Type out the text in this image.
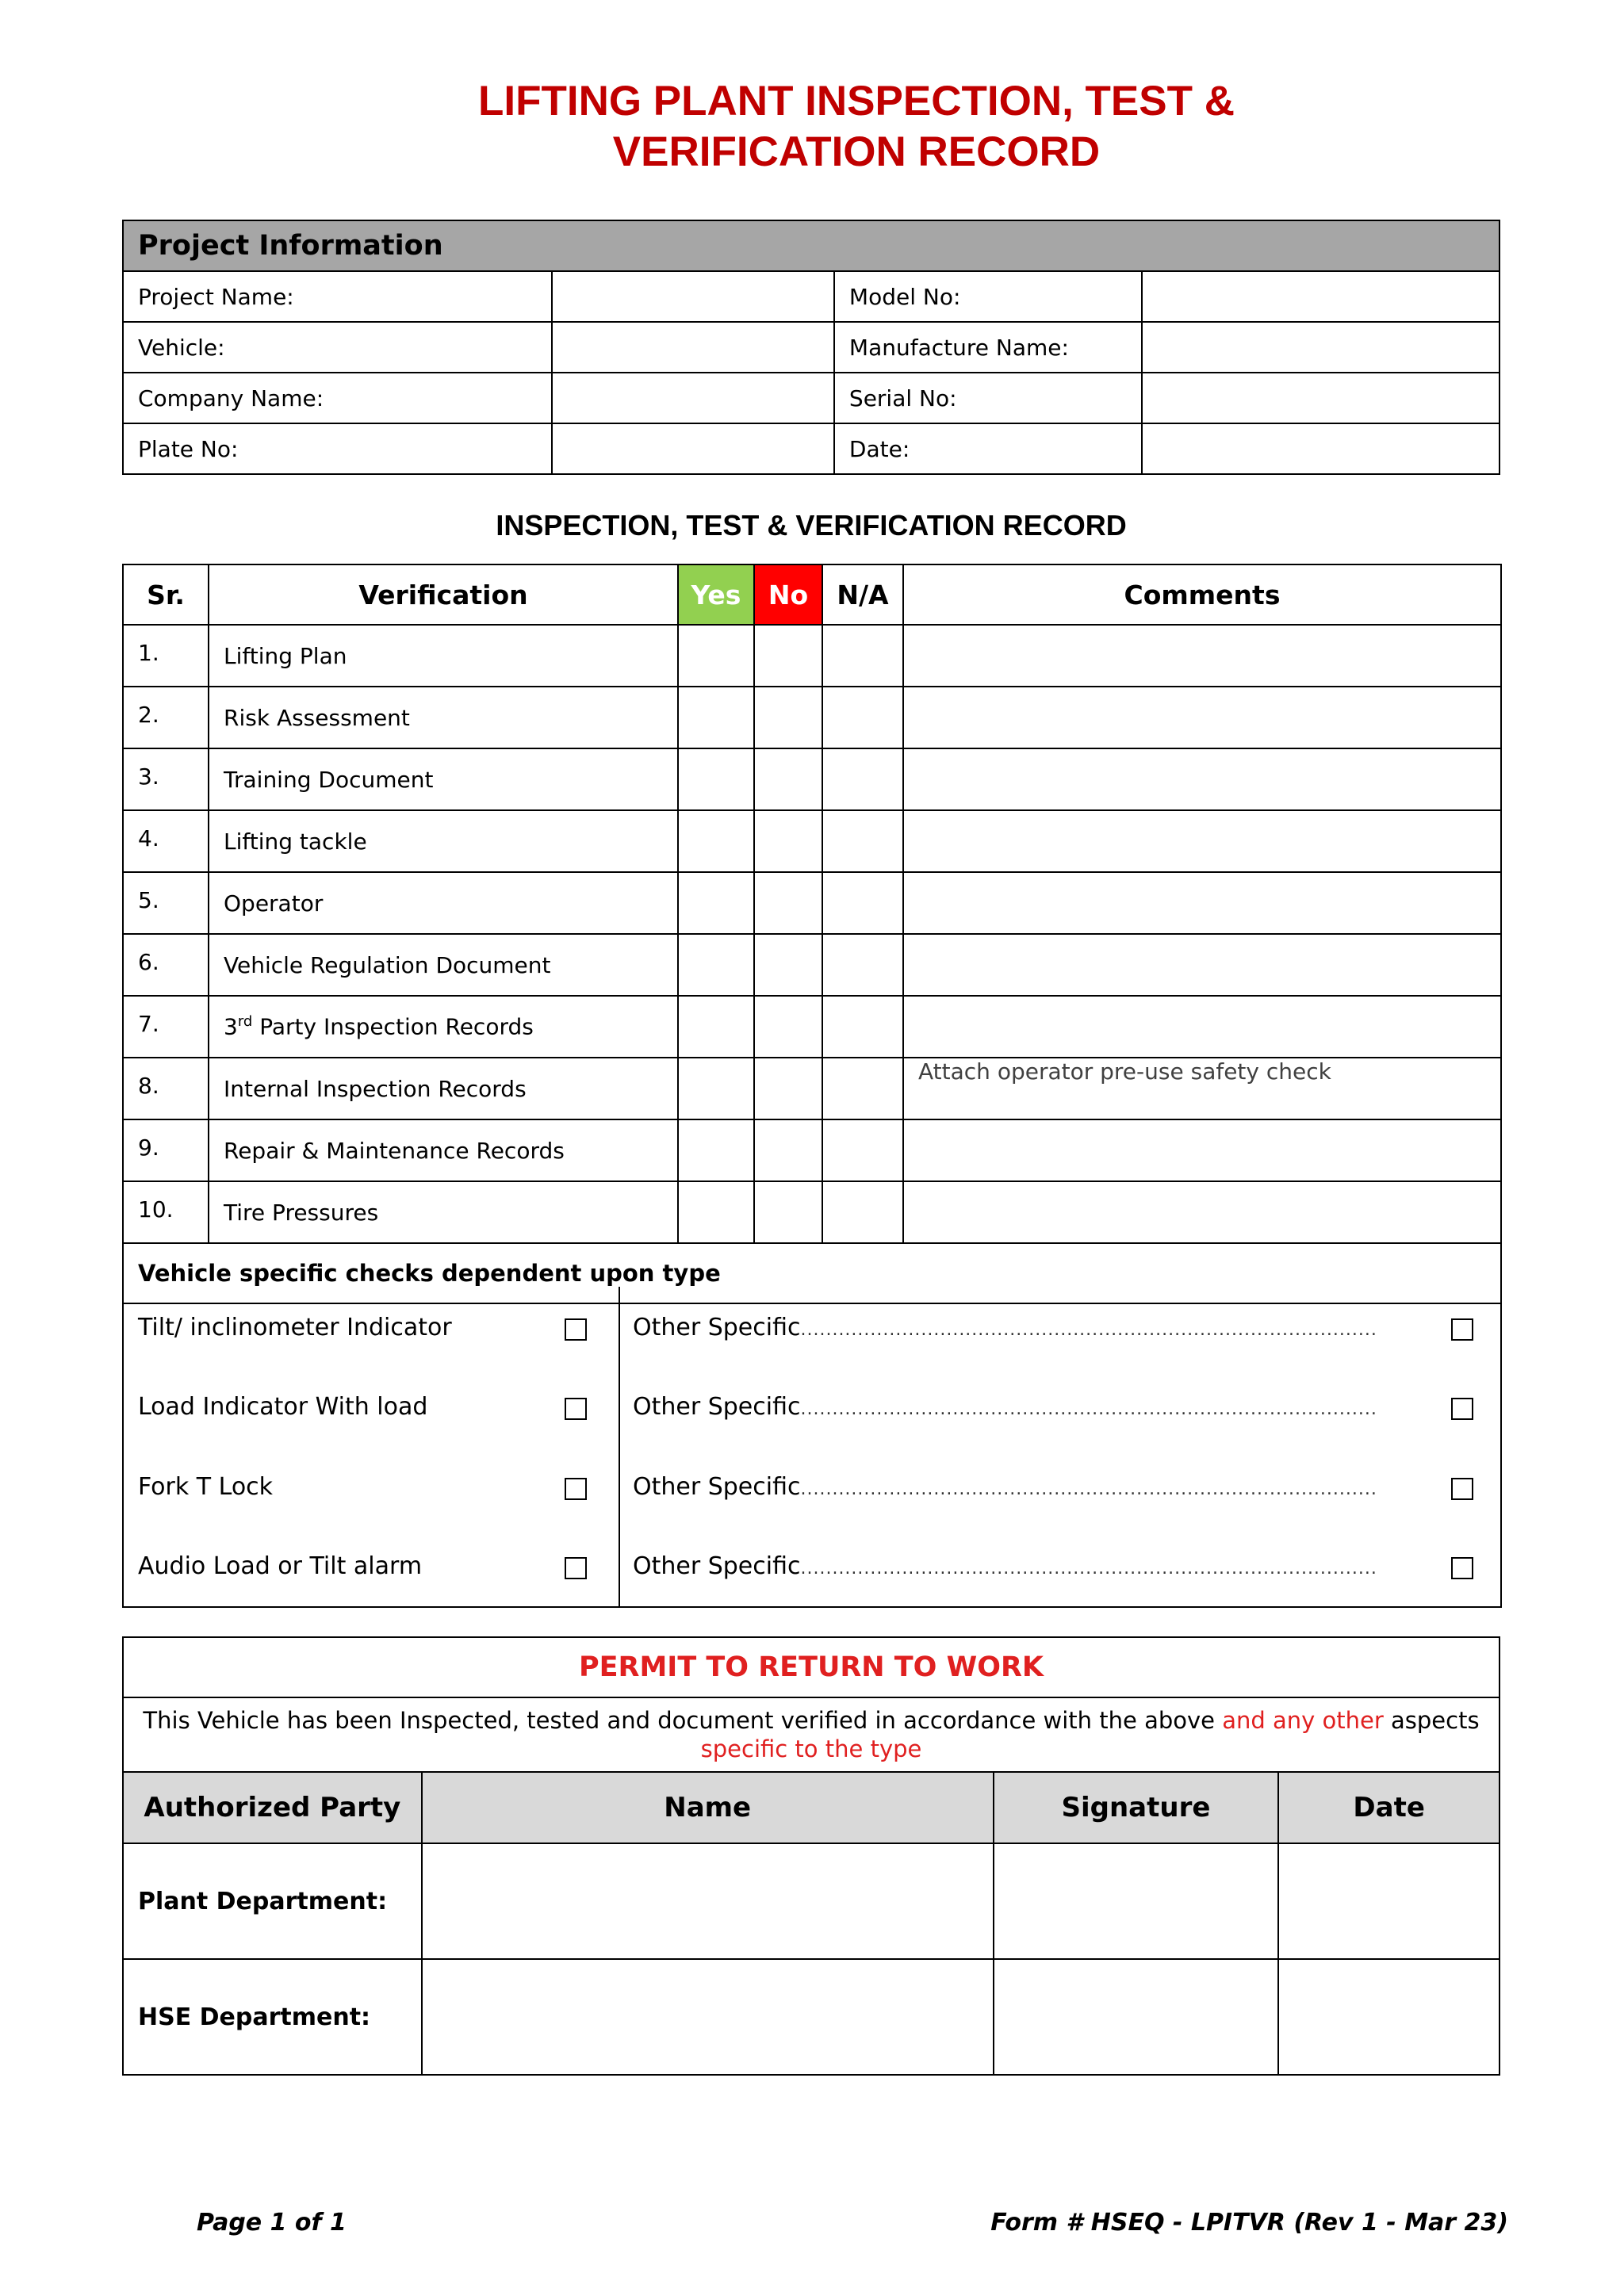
LIFTING PLANT INSPECTION, TEST &
VERIFICATION RECORD
Project Information			
Project Name:		Model No:	
Vehicle:		Manufacture Name:	
Company Name:		Serial No:	
Plate No:		Date:	
INSPECTION, TEST & VERIFICATION RECORD
Sr.	Verification	Yes	No	N/A	Comments
1.	Lifting Plan				
2.	Risk Assessment				
3.	Training Document				
4.	Lifting tackle				
5.	Operator				
6.	Vehicle Regulation Document				
7.	3rd Party Inspection Records				
8.	Internal Inspection Records				Attach operator pre-use safety check
9.	Repair & Maintenance Records				
10.	Tire Pressures				
Vehicle specific checks dependent upon type					
Tilt/ inclinometer Indicator	Other Specific...........................................................................................
Load Indicator With load	Other Specific...........................................................................................
Fork T Lock	Other Specific...........................................................................................
Audio Load or Tilt alarm	Other Specific...........................................................................................
PERMIT TO RETURN TO WORK
This Vehicle has been Inspected, tested and document verified in accordance with the above and any other aspects
specific to the type
Authorized Party	Name	Signature	Date
Plant Department:			
HSE Department:			
Page 1 of 1	Form # HSEQ - LPITVR (Rev 1 - Mar 23)
